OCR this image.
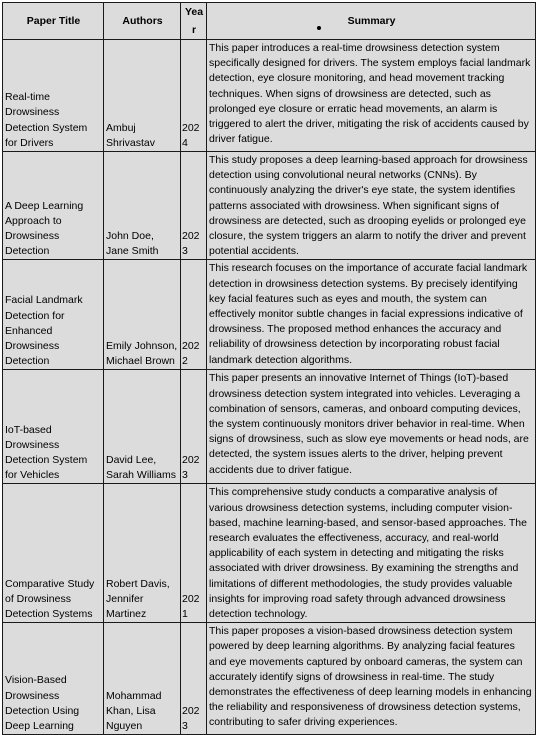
Paper Title	Authors	Year	Summary
Real-time Drowsiness Detection System for Drivers	Ambuj Shrivastav	2024	This paper introduces a real-time drowsiness detection system specifically designed for drivers. The system employs facial landmark detection, eye closure monitoring, and head movement tracking techniques. When signs of drowsiness are detected, such as prolonged eye closure or erratic head movements, an alarm is triggered to alert the driver, mitigating the risk of accidents caused by driver fatigue.
A Deep Learning Approach to Drowsiness Detection	John Doe, Jane Smith	2023	This study proposes a deep learning-based approach for drowsiness detection using convolutional neural networks (CNNs). By continuously analyzing the driver's eye state, the system identifies patterns associated with drowsiness. When significant signs of drowsiness are detected, such as drooping eyelids or prolonged eye closure, the system triggers an alarm to notify the driver and prevent potential accidents.
Facial Landmark Detection for Enhanced Drowsiness Detection	Emily Johnson, Michael Brown	2022	This research focuses on the importance of accurate facial landmark detection in drowsiness detection systems. By precisely identifying key facial features such as eyes and mouth, the system can effectively monitor subtle changes in facial expressions indicative of drowsiness. The proposed method enhances the accuracy and reliability of drowsiness detection by incorporating robust facial landmark detection algorithms.
IoT-based Drowsiness Detection System for Vehicles	David Lee, Sarah Williams	2023	This paper presents an innovative Internet of Things (IoT)-based drowsiness detection system integrated into vehicles. Leveraging a combination of sensors, cameras, and onboard computing devices, the system continuously monitors driver behavior in real-time. When signs of drowsiness, such as slow eye movements or head nods, are detected, the system issues alerts to the driver, helping prevent accidents due to driver fatigue.
Comparative Study of Drowsiness Detection Systems	Robert Davis, Jennifer Martinez	2021	This comprehensive study conducts a comparative analysis of various drowsiness detection systems, including computer vision-based, machine learning-based, and sensor-based approaches. The research evaluates the effectiveness, accuracy, and real-world applicability of each system in detecting and mitigating the risks associated with driver drowsiness. By examining the strengths and limitations of different methodologies, the study provides valuable insights for improving road safety through advanced drowsiness detection technology.
Vision-Based Drowsiness Detection Using Deep Learning	Mohammad Khan, Lisa Nguyen	2023	This paper proposes a vision-based drowsiness detection system powered by deep learning algorithms. By analyzing facial features and eye movements captured by onboard cameras, the system can accurately identify signs of drowsiness in real-time. The study demonstrates the effectiveness of deep learning models in enhancing the reliability and responsiveness of drowsiness detection systems, contributing to safer driving experiences.
